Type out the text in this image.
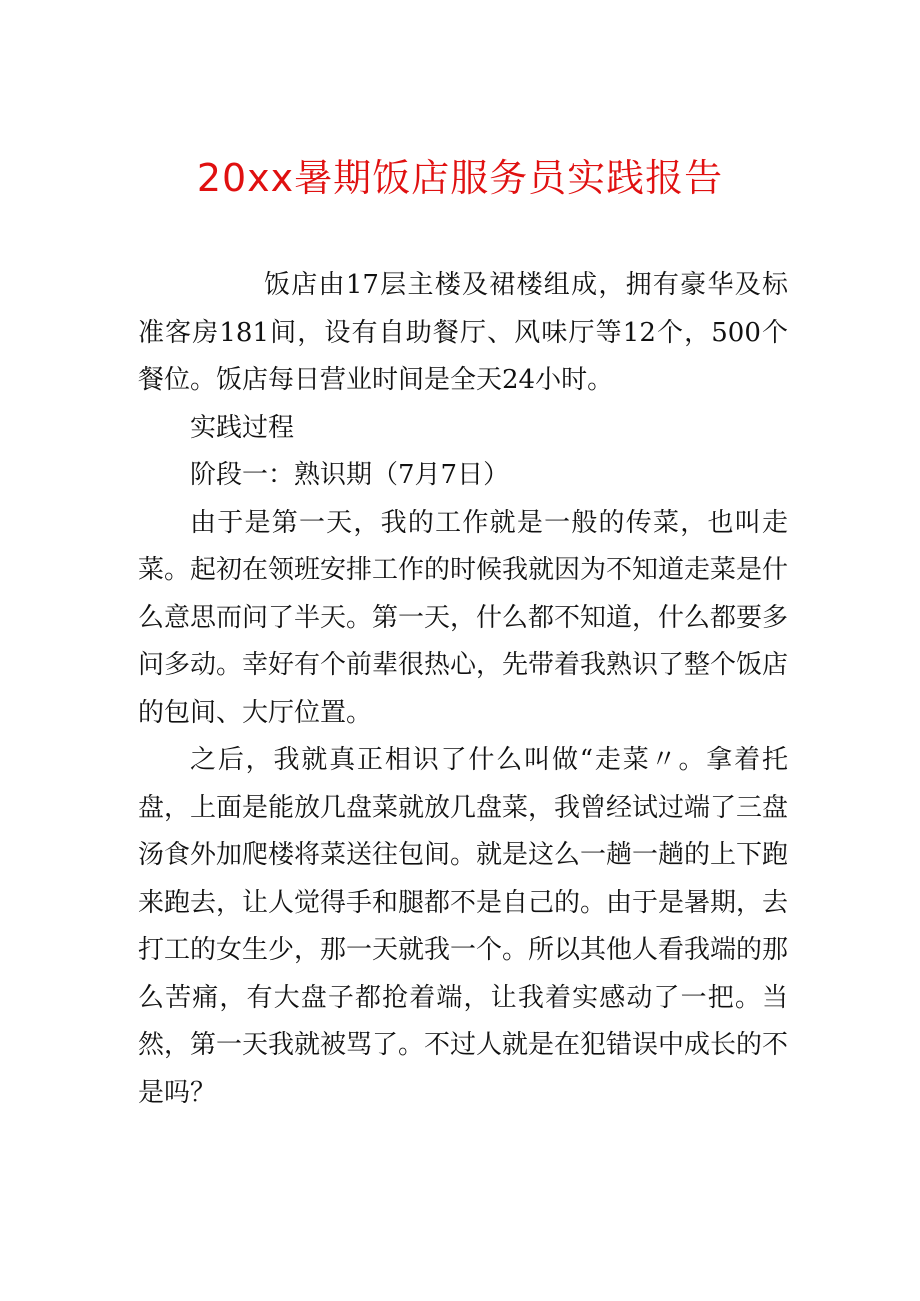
20xx暑期饭店服务员实践报告

饭店由17层主楼及裙楼组成，拥有豪华及标准客房181间，设有自助餐厅、风味厅等12个，500个餐位。饭店每日营业时间是全天24小时。

实践过程

阶段一：熟识期（7月7日）

由于是第一天，我的工作就是一般的传菜，也叫走菜。起初在领班安排工作的时候我就因为不知道走菜是什么意思而问了半天。第一天，什么都不知道，什么都要多问多动。幸好有个前辈很热心，先带着我熟识了整个饭店的包间、大厅位置。

之后，我就真正相识了什么叫做“走菜〃。拿着托盘，上面是能放几盘菜就放几盘菜，我曾经试过端了三盘汤食外加爬楼将菜送往包间。就是这么一趟一趟的上下跑来跑去，让人觉得手和腿都不是自己的。由于是暑期，去打工的女生少，那一天就我一个。所以其他人看我端的那么苦痛，有大盘子都抢着端，让我着实感动了一把。当然，第一天我就被骂了。不过人就是在犯错误中成长的不是吗？
